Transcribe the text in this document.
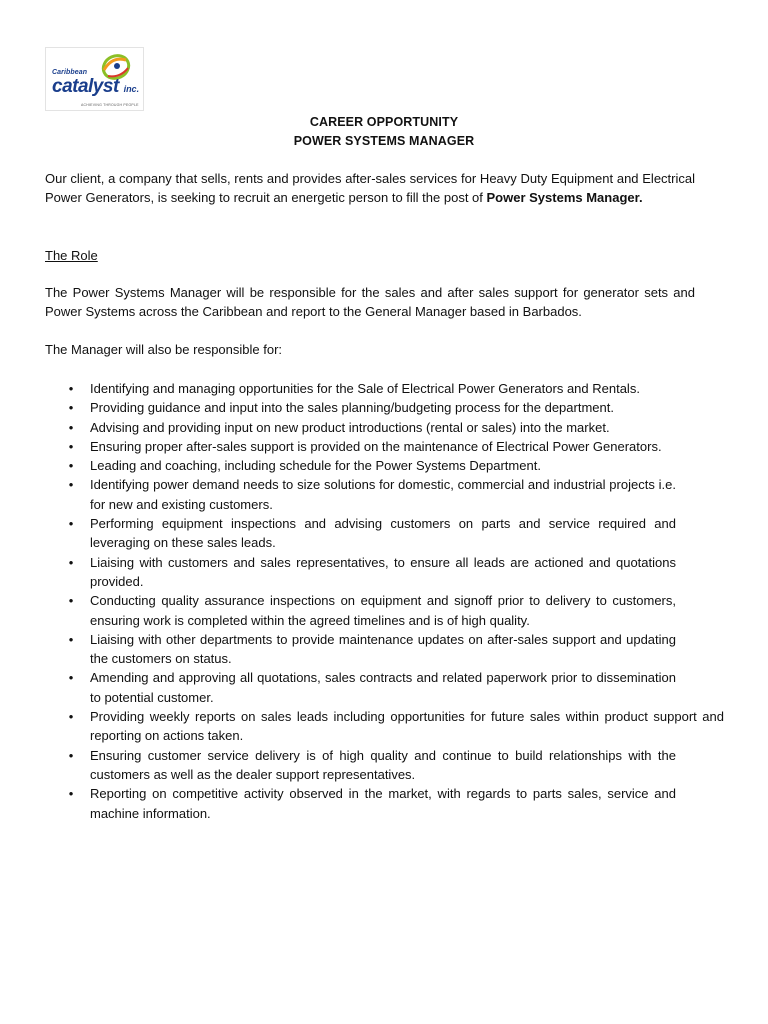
Caribbean
catalyst inc.
ACHIEVING THROUGH PEOPLE
CAREER OPPORTUNITY
POWER SYSTEMS MANAGER

Our client, a company that sells, rents and provides after-sales services for Heavy Duty Equipment and Electrical Power Generators, is seeking to recruit an energetic person to fill the post of Power Systems Manager.

The Role

The Power Systems Manager will be responsible for the sales and after sales support for generator sets and Power Systems across the Caribbean and report to the General Manager based in Barbados.

The Manager will also be responsible for:

• Identifying and managing opportunities for the Sale of Electrical Power Generators and Rentals.
• Providing guidance and input into the sales planning/budgeting process for the department.
• Advising and providing input on new product introductions (rental or sales) into the market.
• Ensuring proper after-sales support is provided on the maintenance of Electrical Power Generators.
• Leading and coaching, including schedule for the Power Systems Department.
• Identifying power demand needs to size solutions for domestic, commercial and industrial projects i.e. for new and existing customers.
• Performing equipment inspections and advising customers on parts and service required and leveraging on these sales leads.
• Liaising with customers and sales representatives, to ensure all leads are actioned and quotations provided.
• Conducting quality assurance inspections on equipment and signoff prior to delivery to customers, ensuring work is completed within the agreed timelines and is of high quality.
• Liaising with other departments to provide maintenance updates on after-sales support and updating the customers on status.
• Amending and approving all quotations, sales contracts and related paperwork prior to dissemination to potential customer.
• Providing weekly reports on sales leads including opportunities for future sales within product support and reporting on actions taken.
• Ensuring customer service delivery is of high quality and continue to build relationships with the customers as well as the dealer support representatives.
• Reporting on competitive activity observed in the market, with regards to parts sales, service and machine information.
